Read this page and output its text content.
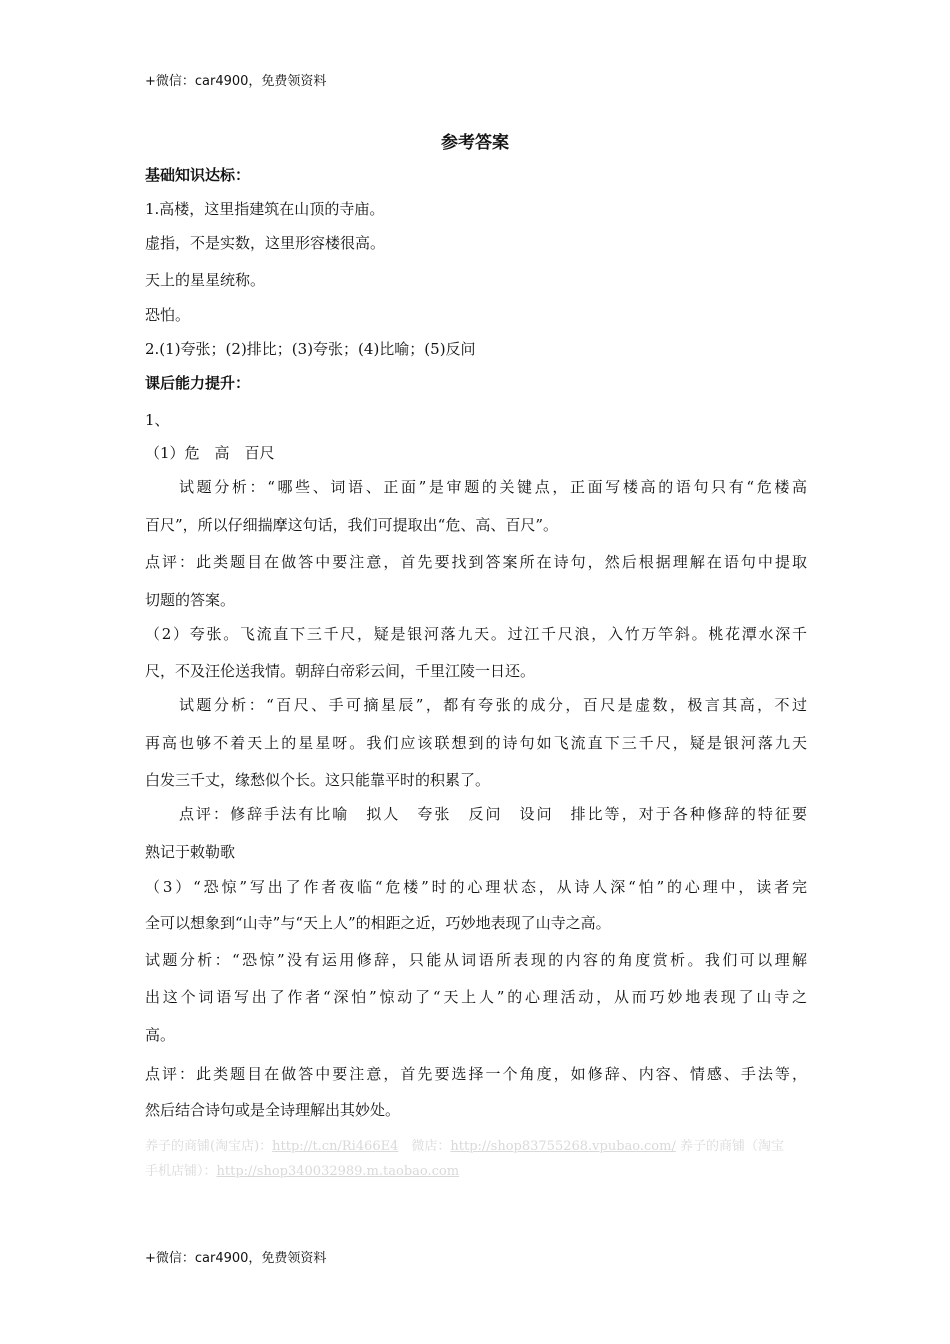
+微信：car4900，免费领资料
参考答案
基础知识达标：
1.高楼，这里指建筑在山顶的寺庙。
虚指，不是实数，这里形容楼很高。
天上的星星统称。
恐怕。
2.(1)夸张；(2)排比；(3)夸张；(4)比喻；(5)反问
课后能力提升：
1、
（1）危　高　百尺
试题分析：“哪些、词语、正面”是审题的关键点，正面写楼高的语句只有“危楼高
百尺”，所以仔细揣摩这句话，我们可提取出“危、高、百尺”。
点评：此类题目在做答中要注意，首先要找到答案所在诗句，然后根据理解在语句中提取
切题的答案。
（2）夸张。飞流直下三千尺，疑是银河落九天。过江千尺浪，入竹万竿斜。桃花潭水深千
尺，不及汪伦送我情。朝辞白帝彩云间，千里江陵一日还。
试题分析：“百尺、手可摘星辰”，都有夸张的成分，百尺是虚数，极言其高，不过
再高也够不着天上的星星呀。我们应该联想到的诗句如飞流直下三千尺，疑是银河落九天
白发三千丈，缘愁似个长。这只能靠平时的积累了。
点评：修辞手法有比喻　拟人　夸张　反问　设问　排比等，对于各种修辞的特征要
熟记于敕勒歌
（3）“恐惊”写出了作者夜临“危楼”时的心理状态，从诗人深“怕”的心理中，读者完
全可以想象到“山寺”与“天上人”的相距之近，巧妙地表现了山寺之高。
试题分析：“恐惊”没有运用修辞，只能从词语所表现的内容的角度赏析。我们可以理解
出这个词语写出了作者“深怕”惊动了“天上人”的心理活动，从而巧妙地表现了山寺之
高。
点评：此类题目在做答中要注意，首先要选择一个角度，如修辞、内容、情感、手法等，
然后结合诗句或是全诗理解出其妙处。
养子的商铺(淘宝店)：http://t.cn/Ri466E4　 微店：http://shop83755268.vpubao.com/ 养子的商铺（淘宝
手机店铺）：http://shop340032989.m.taobao.com
+微信：car4900，免费领资料
